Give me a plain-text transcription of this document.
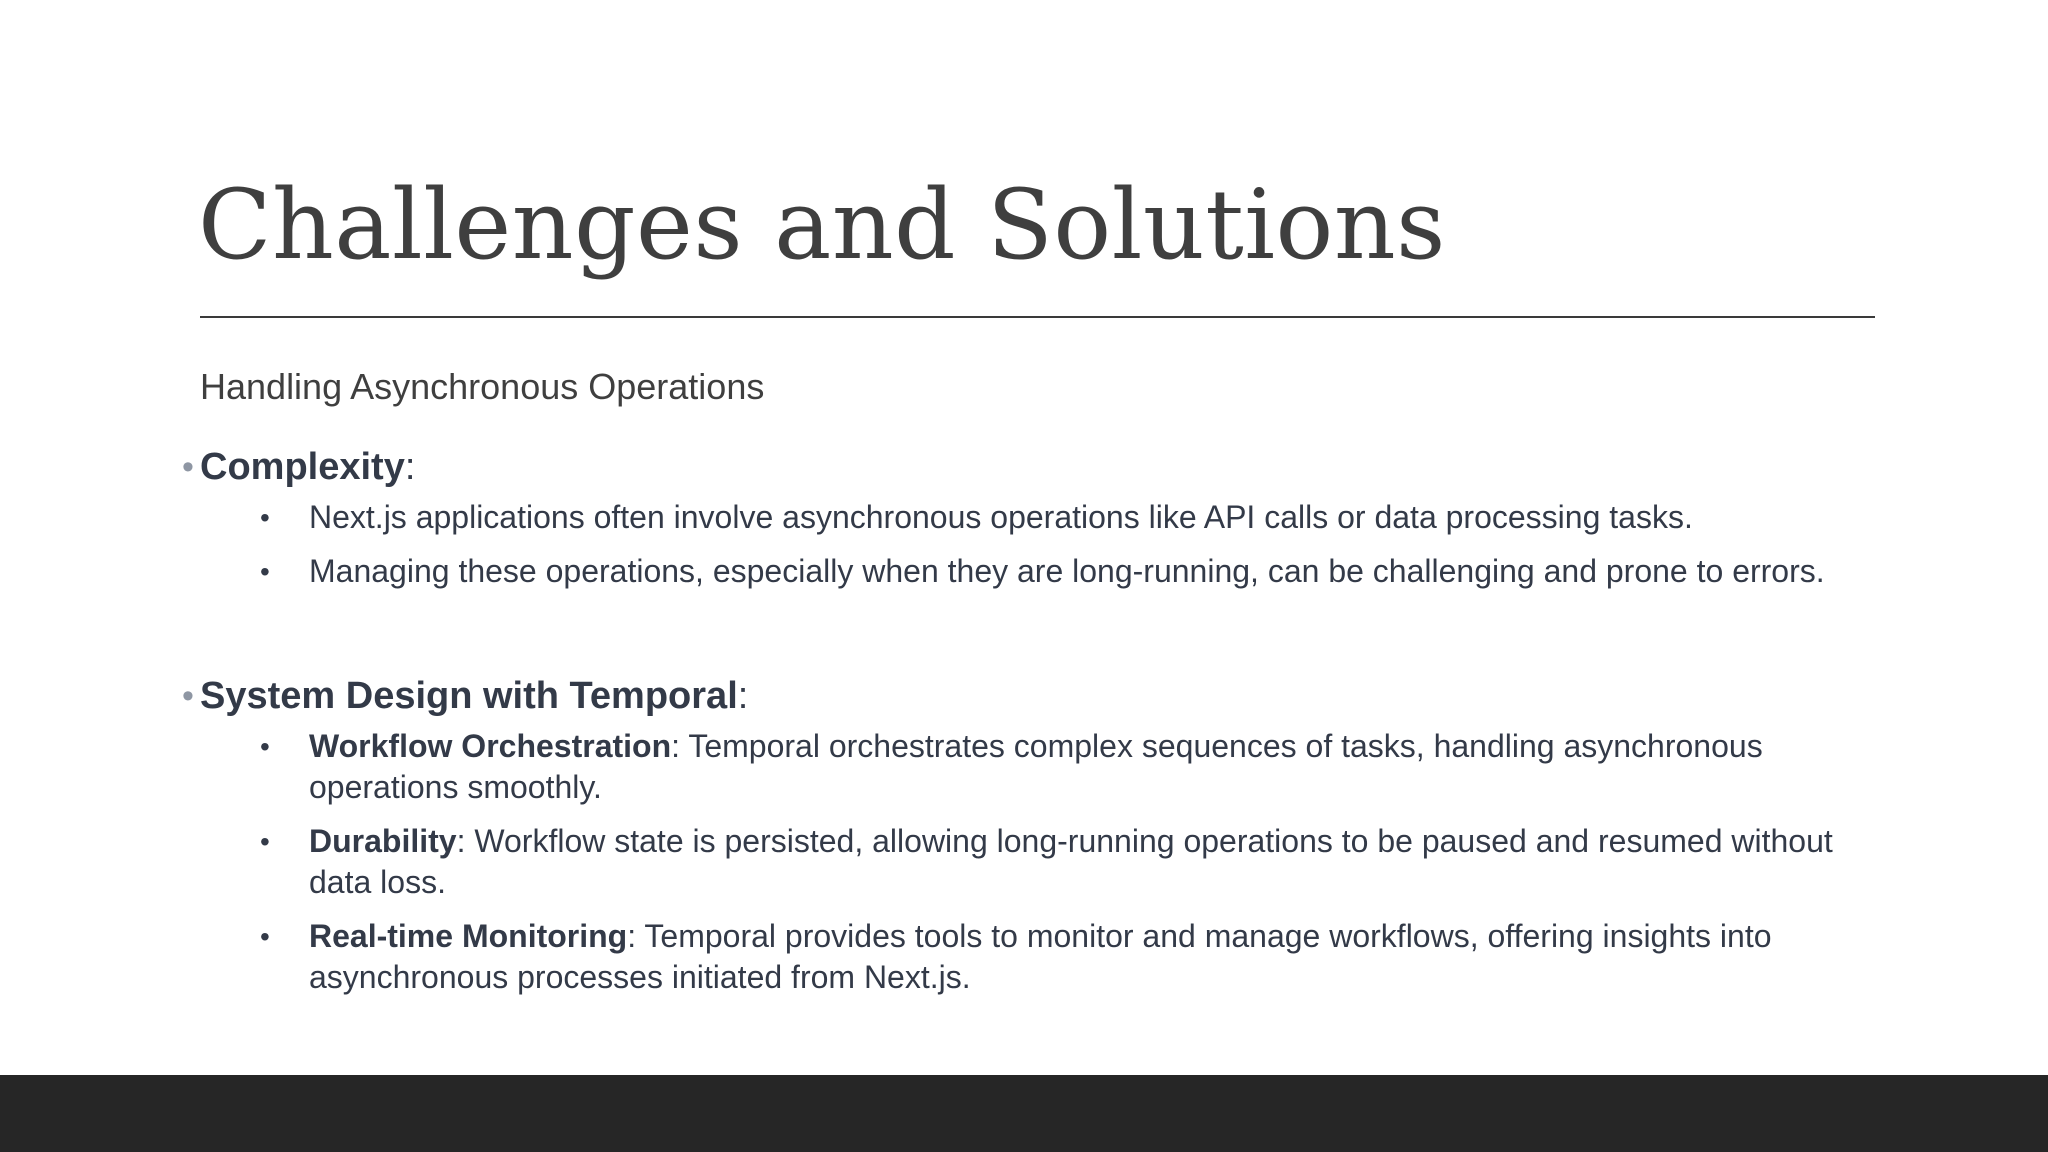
Challenges and Solutions

Handling Asynchronous Operations

• Complexity:
• Next.js applications often involve asynchronous operations like API calls or data processing tasks.
• Managing these operations, especially when they are long-running, can be challenging and prone to errors.
• System Design with Temporal:
• Workflow Orchestration: Temporal orchestrates complex sequences of tasks, handling asynchronous operations smoothly.
• Durability: Workflow state is persisted, allowing long-running operations to be paused and resumed without data loss.
• Real-time Monitoring: Temporal provides tools to monitor and manage workflows, offering insights into asynchronous processes initiated from Next.js.
